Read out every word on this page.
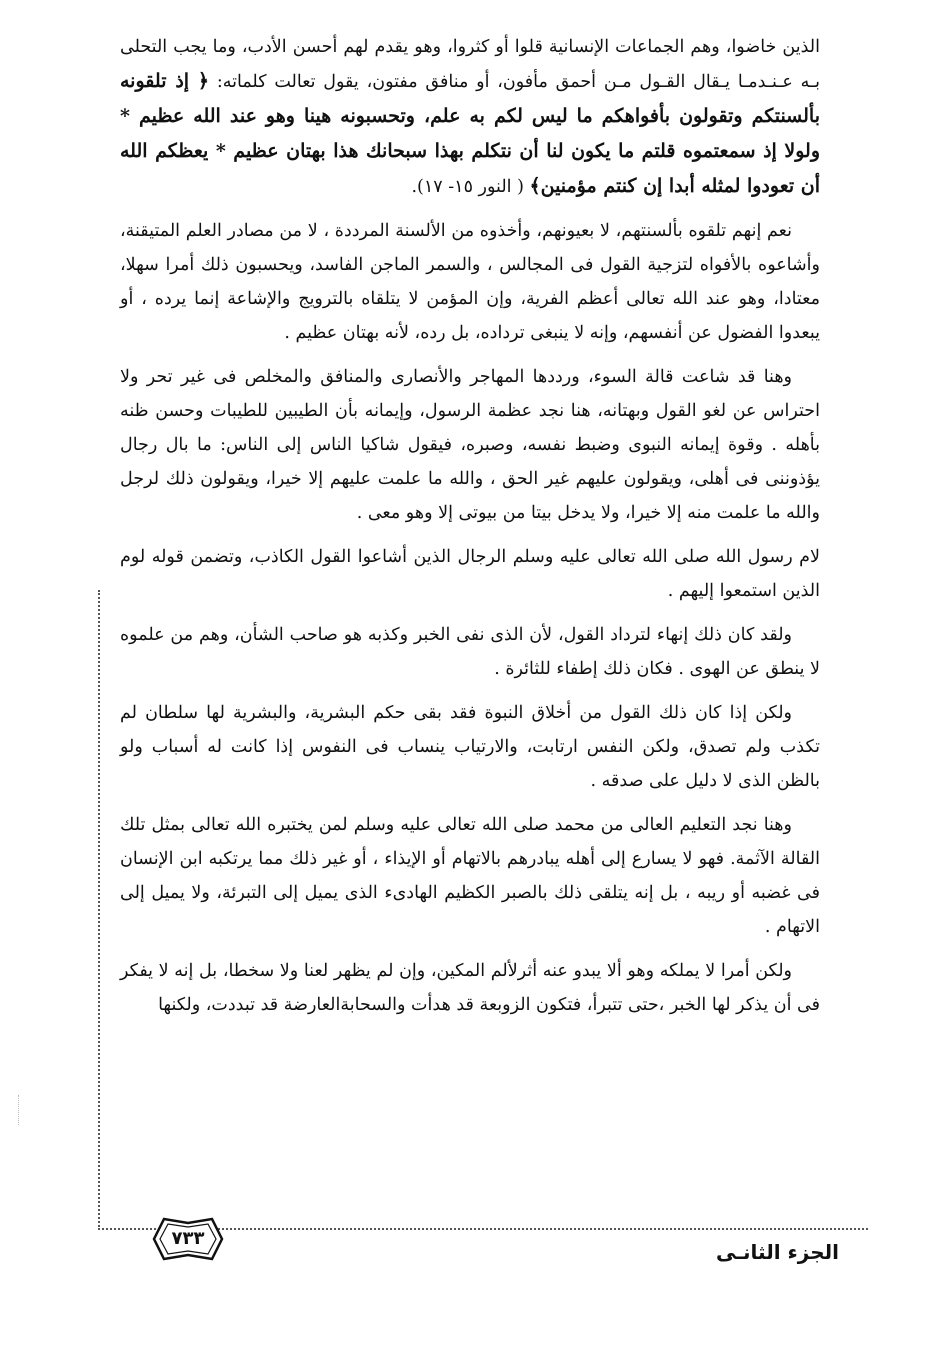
الذين خاضوا، وهم الجماعات الإنسانية قلوا أو كثروا، وهو يقدم لهم أحسن الأدب، وما يجب التحلى بـه عـنـدمـا يـقال القـول مـن أحمق مأفون، أو منافق مفتون، يقول تعالت كلماته: ﴿ إذ تلقونه بألسنتكم وتقولون بأفواهكم ما ليس لكم به علم، وتحسبونه هينا وهو عند الله عظيم * ولولا إذ سمعتموه قلتم ما يكون لنا أن نتكلم بهذا سبحانك هذا بهتان عظيم * يعظكم الله أن تعودوا لمثله أبدا إن كنتم مؤمنين﴾ ( النور ١٥- ١٧).

نعم إنهم تلقوه بألسنتهم، لا بعيونهم، وأخذوه من الألسنة المرددة ، لا من مصادر العلم المتيقنة، وأشاعوه بالأفواه لتزجية القول فى المجالس ، والسمر الماجن الفاسد، ويحسبون ذلك أمرا سهلا، معتادا، وهو عند الله تعالى أعظم الفرية، وإن المؤمن لا يتلقاه بالترويج والإشاعة إنما يرده ، أو يبعدوا الفضول عن أنفسهم، وإنه لا ينبغى ترداده، بل رده، لأنه بهتان عظيم .

وهنا قد شاعت قالة السوء، ورددها المهاجر والأنصارى والمنافق والمخلص فى غير تحر ولا احتراس عن لغو القول وبهتانه، هنا نجد عظمة الرسول، وإيمانه بأن الطيبين للطيبات وحسن ظنه بأهله . وقوة إيمانه النبوى وضبط نفسه، وصبره، فيقول شاكيا الناس إلى الناس: ما بال رجال يؤذوننى فى أهلى، ويقولون عليهم غير الحق ، والله ما علمت عليهم إلا خيرا، ويقولون ذلك لرجل والله ما علمت منه إلا خيرا، ولا يدخل بيتا من بيوتى إلا وهو معى .

لام رسول الله صلى الله تعالى عليه وسلم الرجال الذين أشاعوا القول الكاذب، وتضمن قوله لوم الذين استمعوا إليهم .

ولقد كان ذلك إنهاء لترداد القول، لأن الذى نفى الخبر وكذبه هو صاحب الشأن، وهم من علموه لا ينطق عن الهوى . فكان ذلك إطفاء للثائرة .

ولكن إذا كان ذلك القول من أخلاق النبوة فقد بقى حكم البشرية، والبشرية لها سلطان لم تكذب ولم تصدق، ولكن النفس ارتابت، والارتياب ينساب فى النفوس إذا كانت له أسباب ولو بالظن الذى لا دليل على صدقه .

وهنا نجد التعليم العالى من محمد صلى الله تعالى عليه وسلم لمن يختبره الله تعالى بمثل تلك القالة الآثمة. فهو لا يسارع إلى أهله يبادرهم بالاتهام أو الإيذاء ، أو غير ذلك مما يرتكبه ابن الإنسان فى غضبه أو ريبه ، بل إنه يتلقى ذلك بالصبر الكظيم الهادىء الذى يميل إلى التبرئة، ولا يميل إلى الاتهام .

ولكن أمرا لا يملكه وهو ألا يبدو عنه أثرلألم المكين، وإن لم يظهر لعنا ولا سخطا، بل إنه لا يفكر فى أن يذكر لها الخبر ،حتى تتبرأ، فتكون الزوبعة قد هدأت والسحابةالعارضة قد تبددت، ولكنها

الجزء الثانـى
٧٣٣
